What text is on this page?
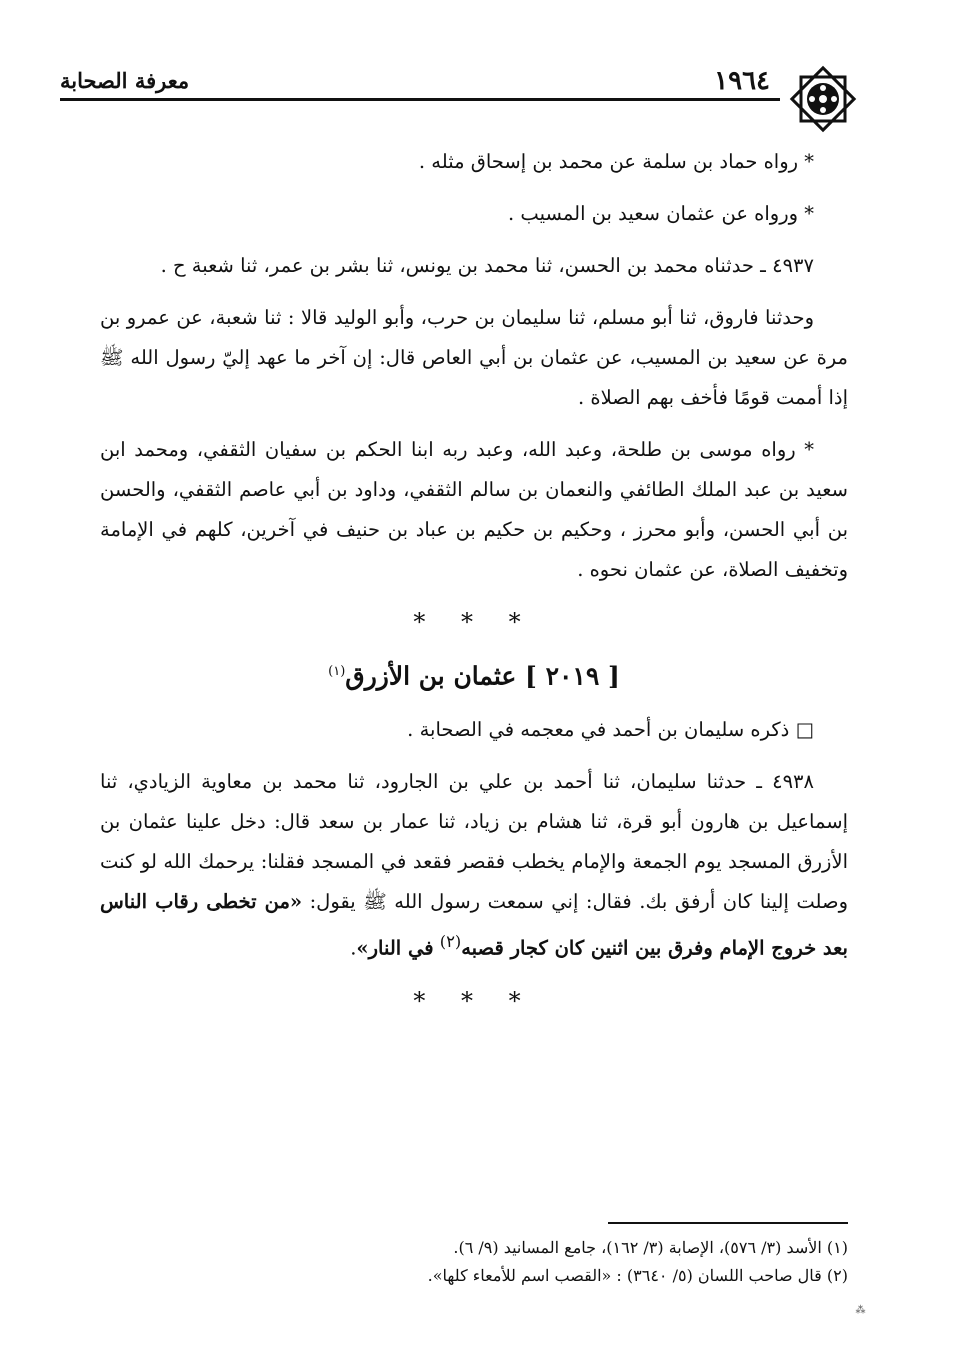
١٩٦٤
معرفة الصحابة

* رواه حماد بن سلمة عن محمد بن إسحاق مثله .

* ورواه عن عثمان سعيد بن المسيب .

٤٩٣٧ ـ حدثناه محمد بن الحسن، ثنا محمد بن يونس، ثنا بشر بن عمر، ثنا شعبة ح .

وحدثنا فاروق، ثنا أبو مسلم، ثنا سليمان بن حرب، وأبو الوليد قالا : ثنا شعبة، عن عمرو بن مرة عن سعيد بن المسيب، عن عثمان بن أبي العاص قال: إن آخر ما عهد إليّ رسول الله ﷺ إذا أممت قومًا فأخف بهم الصلاة .

* رواه موسى بن طلحة، وعبد الله، وعبد ربه ابنا الحكم بن سفيان الثقفي، ومحمد ابن سعيد بن عبد الملك الطائفي والنعمان بن سالم الثقفي، وداود بن أبي عاصم الثقفي، والحسن بن أبي الحسن، وأبو محرز ، وحكيم بن حكيم بن عباد بن حنيف في آخرين، كلهم في الإمامة وتخفيف الصلاة، عن عثمان نحوه .

* * *
[ ٢٠١٩ ] عثمان بن الأزرق$^{(١)}$

□ ذكره سليمان بن أحمد في معجمه في الصحابة .

٤٩٣٨ ـ حدثنا سليمان، ثنا أحمد بن علي بن الجارود، ثنا محمد بن معاوية الزيادي، ثنا إسماعيل بن هارون أبو قرة، ثنا هشام بن زياد، ثنا عمار بن سعد قال: دخل علينا عثمان بن الأزرق المسجد يوم الجمعة والإمام يخطب فقصر فقعد في المسجد فقلنا: يرحمك الله لو كنت وصلت إلينا كان أرفق بك. فقال: إني سمعت رسول الله ﷺ يقول: «من تخطى رقاب الناس بعد خروج الإمام وفرق بين اثنين كان كجار قصبه$^{(٢)}$ في النار».

* * *

(١) الأسد (٣/ ٥٧٦)، الإصابة (٣/ ١٦٢)، جامع المسانيد (٩/ ٦).

(٢) قال صاحب اللسان (٥/ ٣٦٤٠) : «القصب اسم للأمعاء كلها».

⁂
